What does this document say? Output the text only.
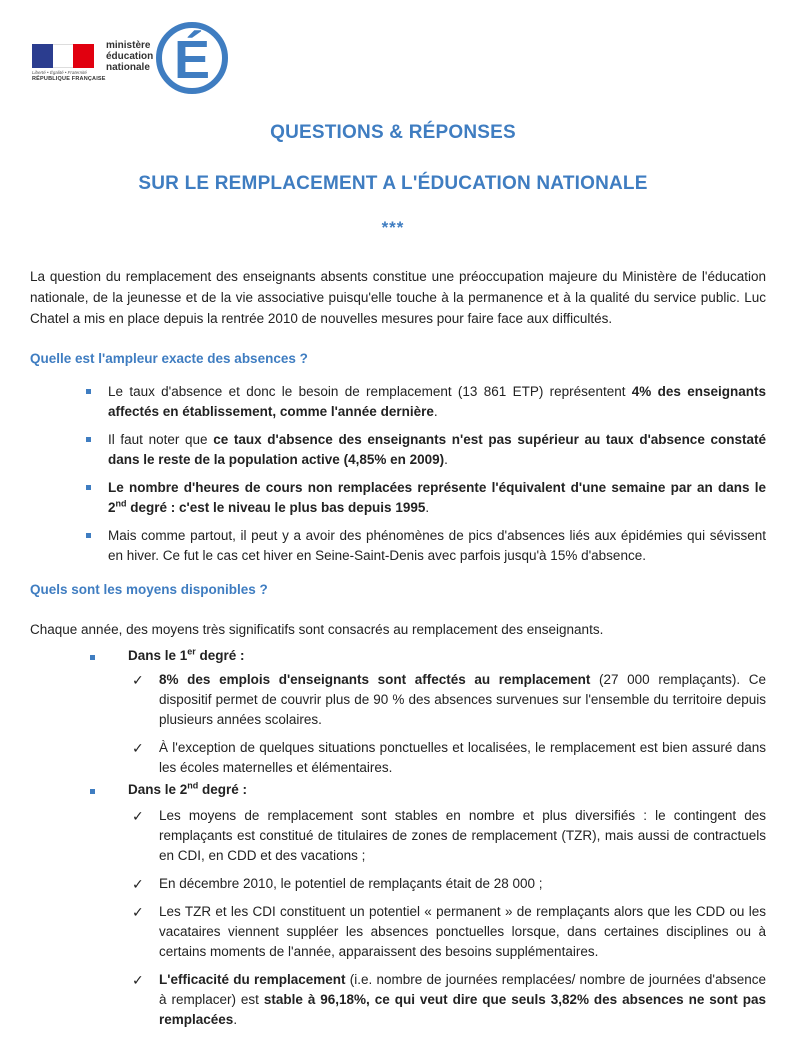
Liberté • Égalité • Fraternité
RÉPUBLIQUE FRANÇAISE
ministère
éducation
nationale É
QUESTIONS & RÉPONSES
SUR LE REMPLACEMENT A L'ÉDUCATION NATIONALE
***
La question du remplacement des enseignants absents constitue une préoccupation majeure du Ministère de l'éducation nationale, de la jeunesse et de la vie associative puisqu'elle touche à la permanence et à la qualité du service public. Luc Chatel a mis en place depuis la rentrée 2010 de nouvelles mesures pour faire face aux difficultés.
Quelle est l'ampleur exacte des absences ?
Le taux d'absence et donc le besoin de remplacement (13 861 ETP) représentent 4% des enseignants affectés en établissement, comme l'année dernière.
Il faut noter que ce taux d'absence des enseignants n'est pas supérieur au taux d'absence constaté dans le reste de la population active (4,85% en 2009).
Le nombre d'heures de cours non remplacées représente l'équivalent d'une semaine par an dans le 2nd degré : c'est le niveau le plus bas depuis 1995.
Mais comme partout, il peut y a avoir des phénomènes de pics d'absences liés aux épidémies qui sévissent en hiver. Ce fut le cas cet hiver en Seine-Saint-Denis avec parfois jusqu'à 15% d'absence.
Quels sont les moyens disponibles ?
Chaque année, des moyens très significatifs sont consacrés au remplacement des enseignants.
Dans le 1er degré :
✓ 8% des emplois d'enseignants sont affectés au remplacement (27 000 remplaçants). Ce dispositif permet de couvrir plus de 90 % des absences survenues sur l'ensemble du territoire depuis plusieurs années scolaires.
✓ À l'exception de quelques situations ponctuelles et localisées, le remplacement est bien assuré dans les écoles maternelles et élémentaires.
Dans le 2nd degré :
✓ Les moyens de remplacement sont stables en nombre et plus diversifiés : le contingent des remplaçants est constitué de titulaires de zones de remplacement (TZR), mais aussi de contractuels en CDI, en CDD et des vacations ;
✓ En décembre 2010, le potentiel de remplaçants était de 28 000 ;
✓ Les TZR et les CDI constituent un potentiel « permanent » de remplaçants alors que les CDD ou les vacataires viennent suppléer les absences ponctuelles lorsque, dans certaines disciplines ou à certains moments de l'année, apparaissent des besoins supplémentaires.
✓ L'efficacité du remplacement (i.e. nombre de journées remplacées/ nombre de journées d'absence à remplacer) est stable à 96,18%, ce qui veut dire que seuls 3,82% des absences ne sont pas remplacées.
